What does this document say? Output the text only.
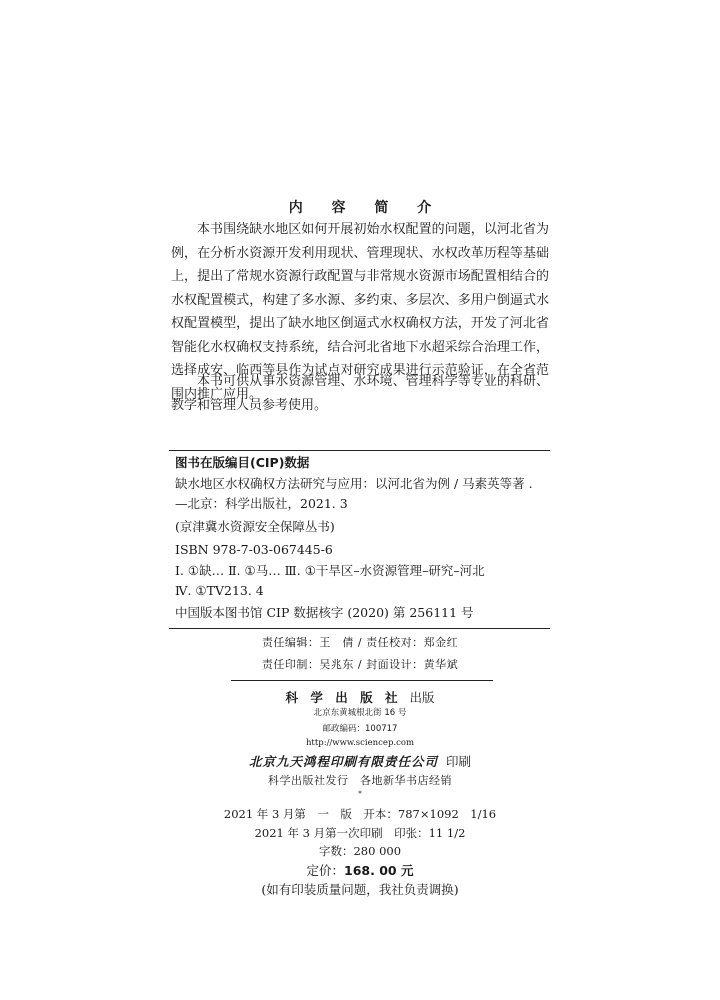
内 容 简 介
本书围绕缺水地区如何开展初始水权配置的问题，以河北省为例，在分析水资源开发利用现状、管理现状、水权改革历程等基础上，提出了常规水资源行政配置与非常规水资源市场配置相结合的水权配置模式，构建了多水源、多约束、多层次、多用户倒逼式水权配置模型，提出了缺水地区倒逼式水权确权方法，开发了河北省智能化水权确权支持系统，结合河北省地下水超采综合治理工作，选择成安、临西等县作为试点对研究成果进行示范验证，在全省范围内推广应用。
本书可供从事水资源管理、水环境、管理科学等专业的科研、教学和管理人员参考使用。
图书在版编目(CIP)数据
缺水地区水权确权方法研究与应用：以河北省为例 / 马素英等著 .
—北京：科学出版社，2021. 3
(京津冀水资源安全保障丛书)
ISBN 978-7-03-067445-6
Ⅰ. ①缺… Ⅱ. ①马… Ⅲ. ①干旱区–水资源管理–研究–河北
Ⅳ. ①TV213. 4
中国版本图书馆 CIP 数据核字 (2020) 第 256111 号
责任编辑：王　倩 / 责任校对：郑金红
责任印制：吴兆东 / 封面设计：黄华斌
科 学 出 版 社 出版
北京东黄城根北街 16 号
邮政编码：100717
http://www.sciencep.com
北京九天鸿程印刷有限责任公司 印刷
科学出版社发行　各地新华书店经销
*
2021 年 3 月第　一　版　开本：787×1092　1/16
2021 年 3 月第一次印刷　印张：11 1/2
字数：280 000
定价：168. 00 元
(如有印装质量问题，我社负责调换)
